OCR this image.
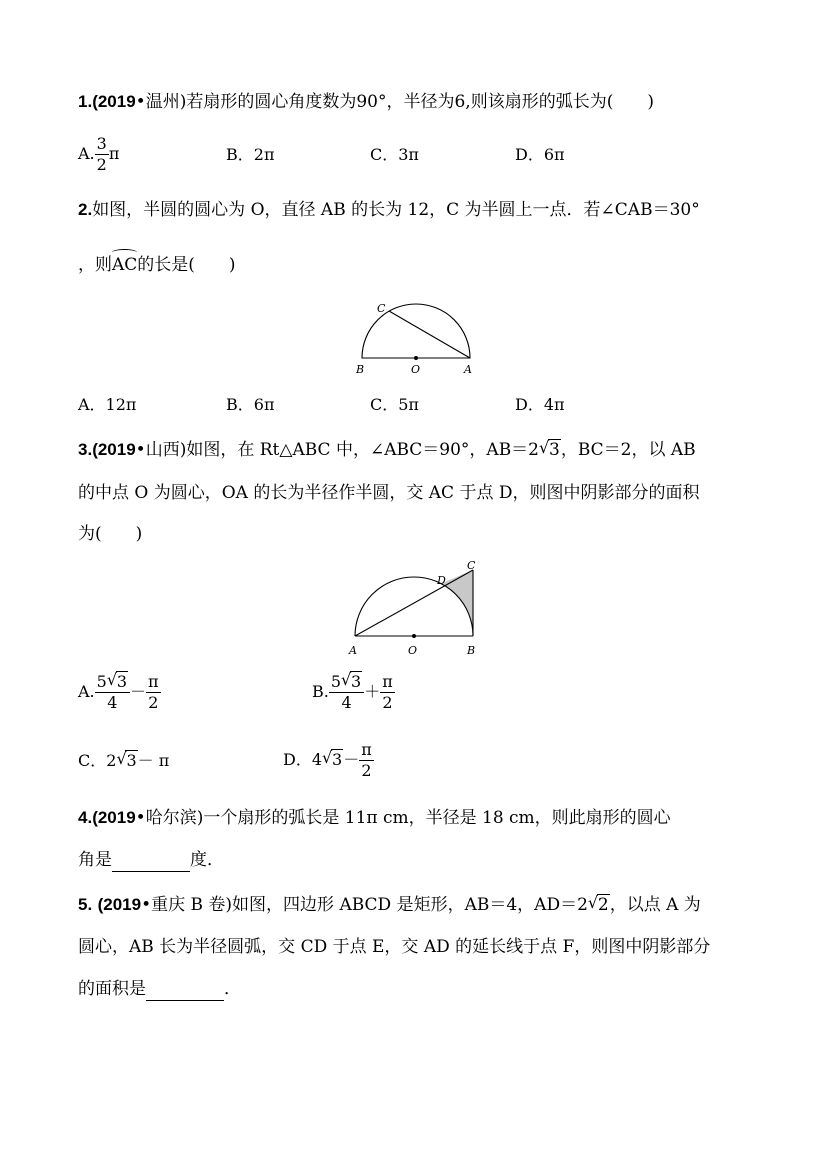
1.(2019•温州)若扇形的圆心角度数为90°，半径为6,则该扇形的弧长为(　　)
A. $\frac{3}{2}$ π	B．2π	C．3π	D．6π
2.如图，半圆的圆心为 O，直径 AB 的长为 12，C 为半圆上一点．若∠CAB＝30°
，则
AC的长是(　　)
C
B	O	A
A．12π	B．6π	C．5π	D．4π
3.(2019•山西)如图，在 Rt△ABC 中，∠ABC＝90°，AB＝2 √ 3，BC＝2，以 AB
的中点 O 为圆心，OA 的长为半径作半圆，交 AC 于点 D，则图中阴影部分的面积
为(　　)
C
D
A	O	B
A. $\frac{5 √ 3}{4} - \frac{\pi}{2}$	B. $\frac{5 √ 3}{4} + \frac{\pi}{2}$
C．2 √ 3－ π	D．4 √ $3- \frac{\pi}{2}$
4.(2019•哈尔滨)一个扇形的弧长是 11π cm，半径是 18 cm，则此扇形的圆心
角是	度．
5. (2019•重庆 B 卷)如图，四边形 ABCD 是矩形，AB＝4，AD＝2 √ 2，以点 A 为
圆心，AB 长为半径圆弧，交 CD 于点 E，交 AD 的延长线于点 F，则图中阴影部分
的面积是	．
